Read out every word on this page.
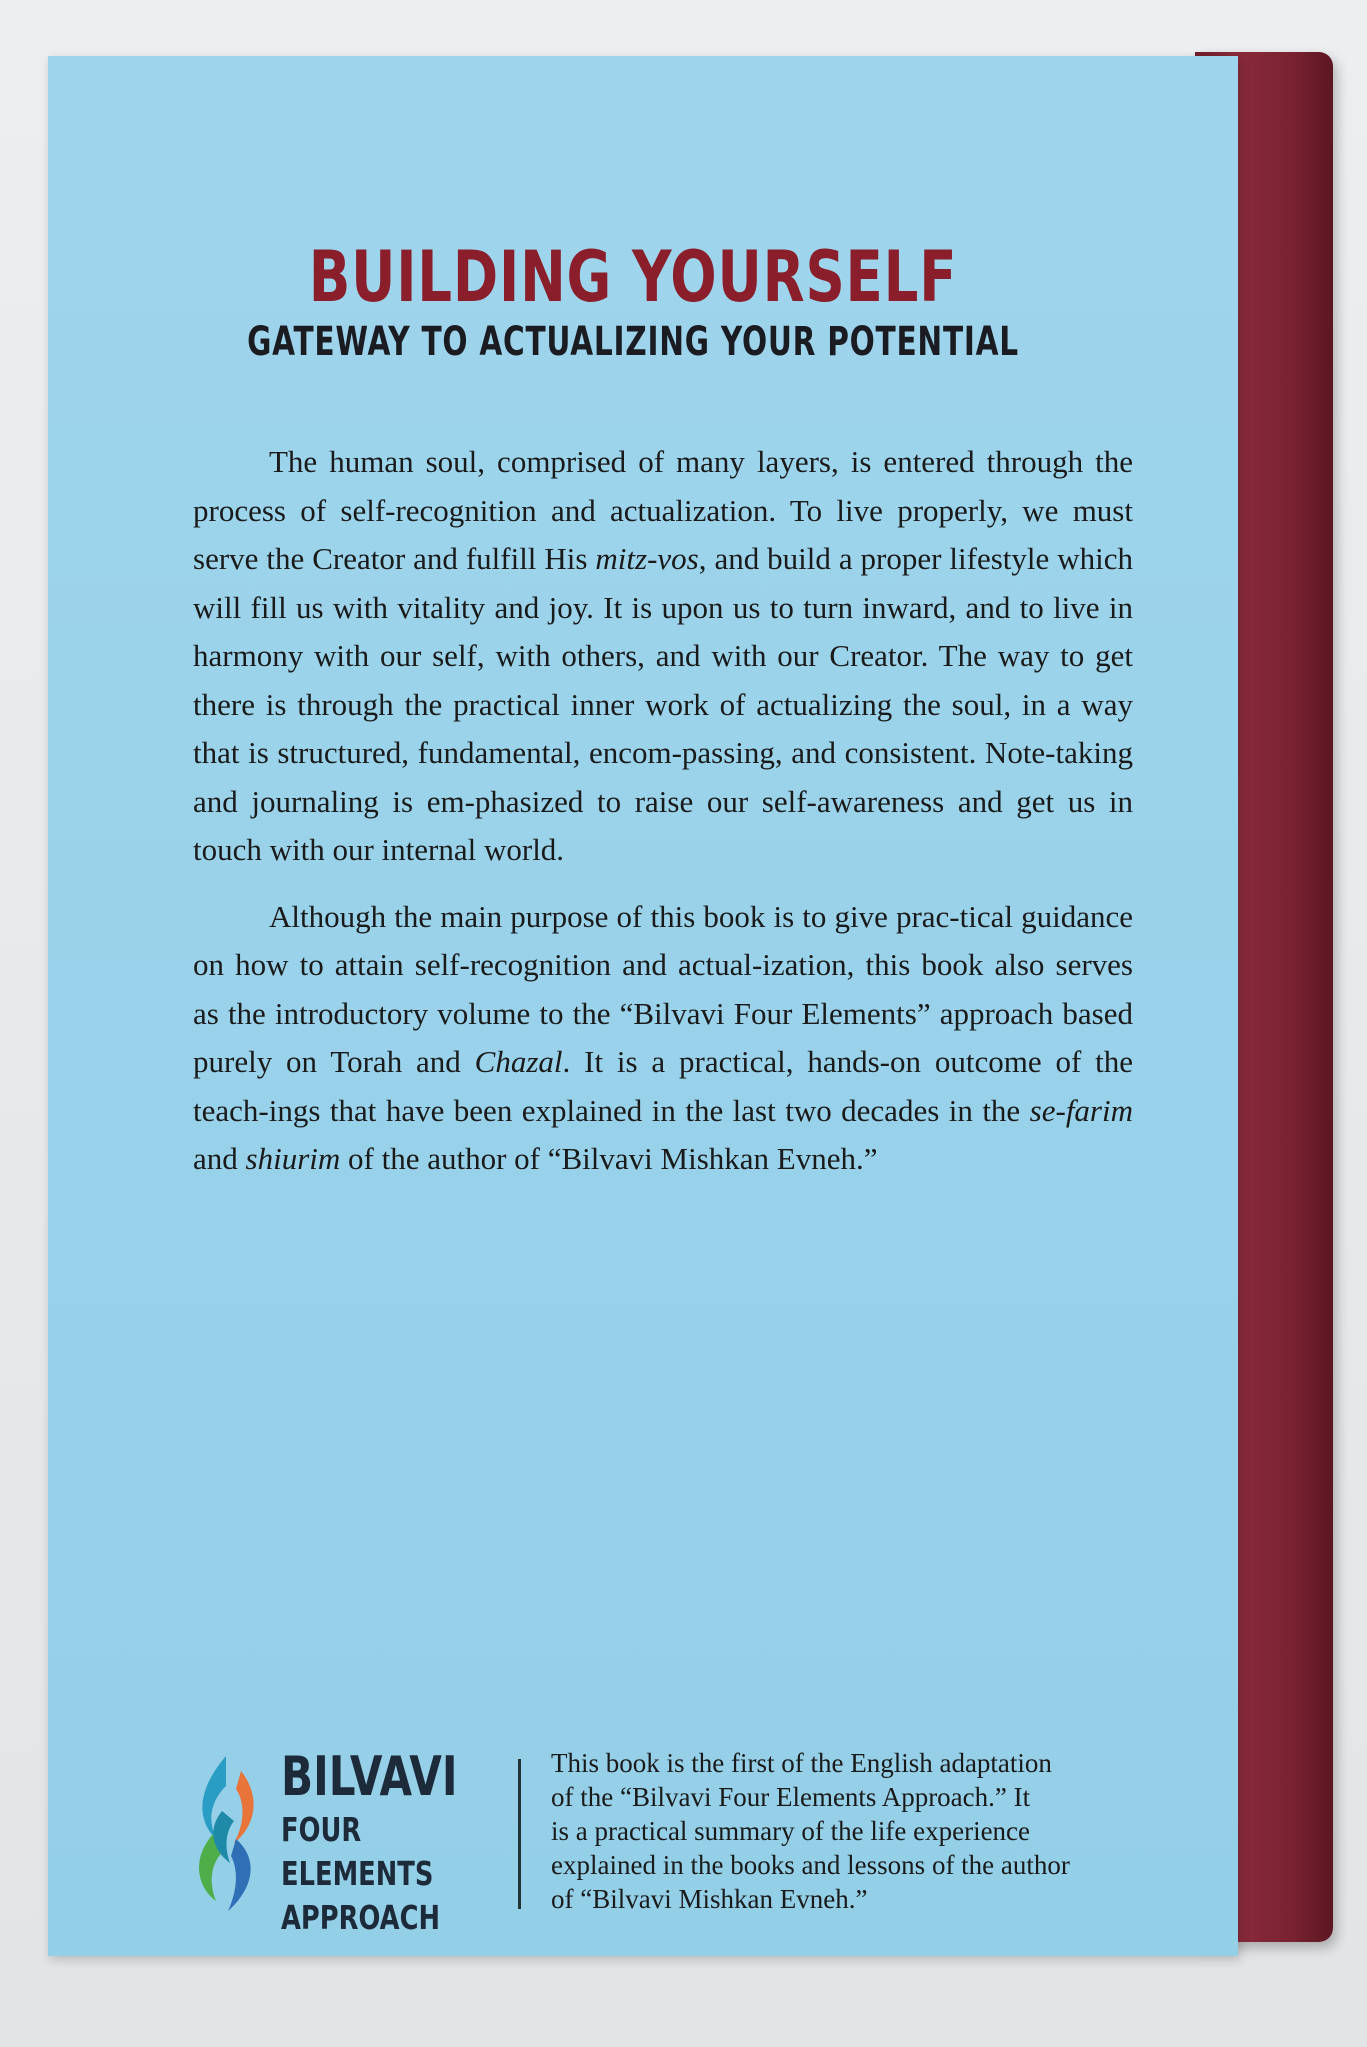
BUILDING YOURSELF
GATEWAY TO ACTUALIZING YOUR POTENTIAL

The human soul, comprised of many layers, is entered through the process of self-recognition and actualization. To live properly, we must serve the Creator and fulfill His mitz-vos, and build a proper lifestyle which will fill us with vitality and joy. It is upon us to turn inward, and to live in harmony with our self, with others, and with our Creator. The way to get there is through the practical inner work of actualizing the soul, in a way that is structured, fundamental, encom-passing, and consistent. Note-taking and journaling is em-phasized to raise our self-awareness and get us in touch with our internal world.

Although the main purpose of this book is to give prac-tical guidance on how to attain self-recognition and actual-ization, this book also serves as the introductory volume to the “Bilvavi Four Elements” approach based purely on Torah and Chazal. It is a practical, hands-on outcome of the teach-ings that have been explained in the last two decades in the se-farim and shiurim of the author of “Bilvavi Mishkan Evneh.”

BILVAVI
FOUR ELEMENTS
APPROACH
This book is the first of the English adaptation
of the “Bilvavi Four Elements Approach.” It
is a practical summary of the life experience
explained in the books and lessons of the author
of “Bilvavi Mishkan Evneh.”
